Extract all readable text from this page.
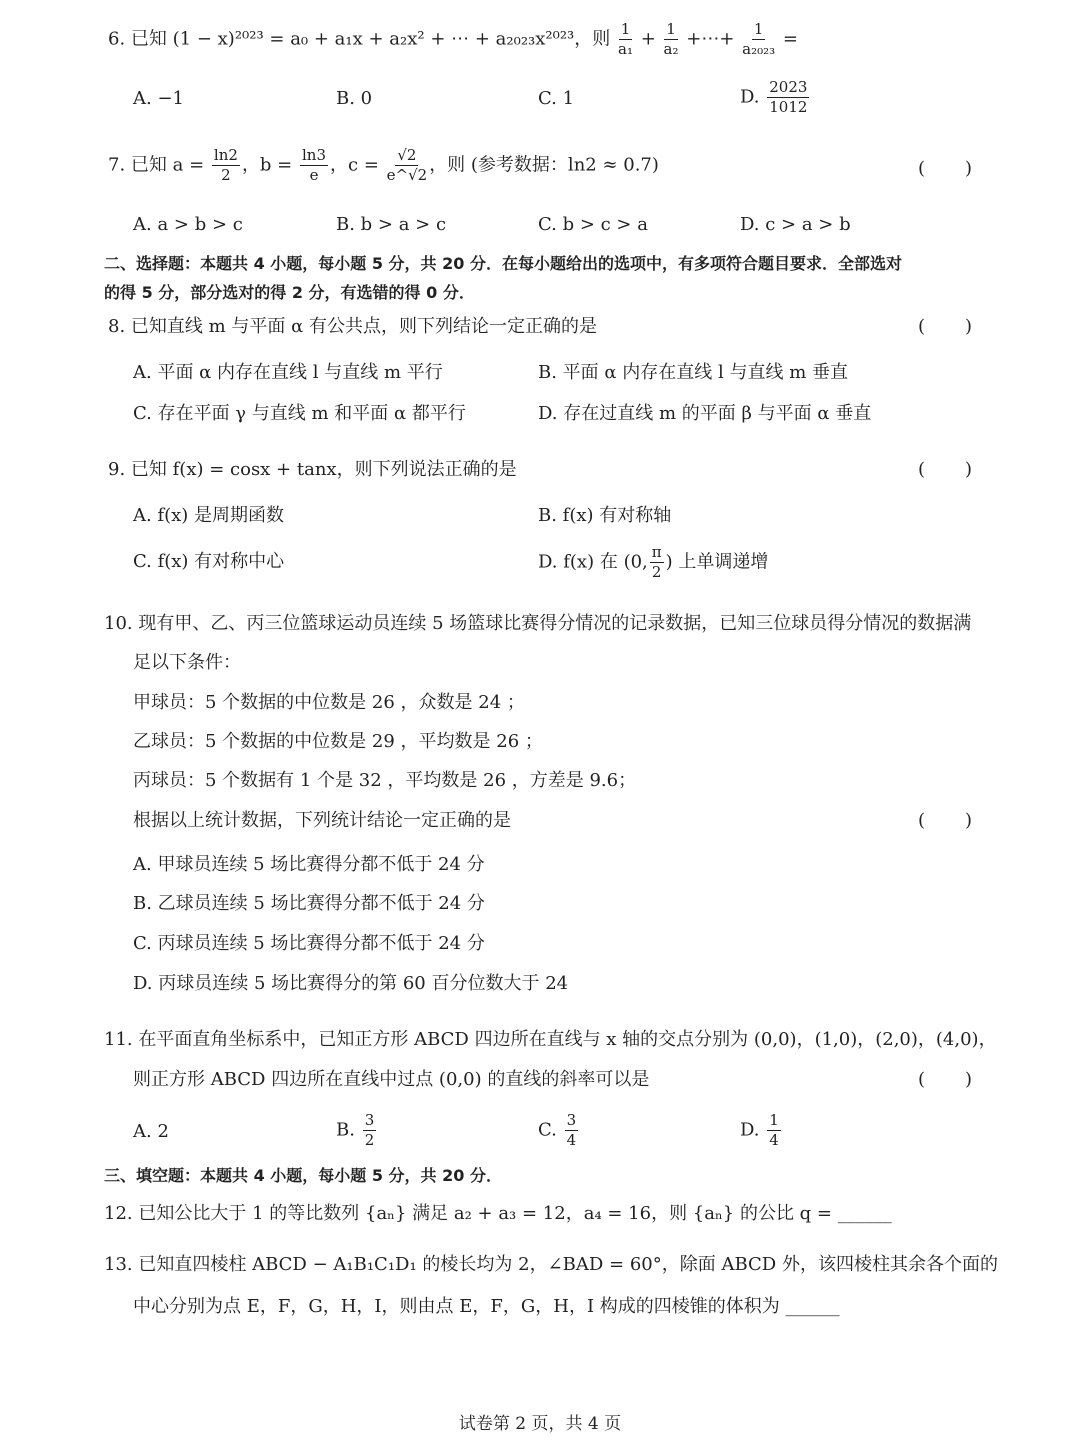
6. 已知 (1 − x)²⁰²³ = a₀ + a₁x + a₂x² + ⋯ + a₂₀₂₃x²⁰²³，则 $\frac{1}{\text{a₁}} + \frac{1}{\text{a₂}}$ +⋯+ $\frac{1}{\text{a₂₀₂₃}}$ =
A. −1	B. 0	C. 1	D. $\frac{2023}{1012}$
7. 已知 $a = \frac{\ln 2}{2}$ ，$b = \frac{\ln 3}{e}$ ，$c = \frac{√2}{e\^{}√2}$ ，则 (参考数据：ln2 ≈ 0.7)	( )
A. a > b > c	B. b > a > c	C. b > c > a	D. c > a > b
二、选择题：本题共 4 小题，每小题 5 分，共 20 分．在每小题给出的选项中，有多项符合题目要求．全部选对
的得 5 分，部分选对的得 2 分，有选错的得 0 分．
8. 已知直线 m 与平面 α 有公共点，则下列结论一定正确的是	( )
A. 平面 α 内存在直线 l 与直线 m 平行	B. 平面 α 内存在直线 l 与直线 m 垂直
C. 存在平面 γ 与直线 m 和平面 α 都平行	D. 存在过直线 m 的平面 β 与平面 α 垂直
9. 已知 f(x) = cosx + tanx，则下列说法正确的是	( )
A. f(x) 是周期函数	B. f(x) 有对称轴
C. f(x) 有对称中心	D. f(x) 在 (0, $\frac{\pi}{2}$ ) 上单调递增
10. 现有甲、乙、丙三位篮球运动员连续 5 场篮球比赛得分情况的记录数据，已知三位球员得分情况的数据满
足以下条件：
甲球员：5 个数据的中位数是 26 ，众数是 24 ；
乙球员：5 个数据的中位数是 29 ，平均数是 26 ；
丙球员：5 个数据有 1 个是 32 ，平均数是 26 ，方差是 9.6；
根据以上统计数据，下列统计结论一定正确的是	( )
A. 甲球员连续 5 场比赛得分都不低于 24 分
B. 乙球员连续 5 场比赛得分都不低于 24 分
C. 丙球员连续 5 场比赛得分都不低于 24 分
D. 丙球员连续 5 场比赛得分的第 60 百分位数大于 24
11. 在平面直角坐标系中，已知正方形 ABCD 四边所在直线与 x 轴的交点分别为 (0,0)，(1,0)，(2,0)，(4,0)，
则正方形 ABCD 四边所在直线中过点 (0,0) 的直线的斜率可以是	( )
A. 2	B. $\frac{3}{2}$	C. $\frac{3}{4}$	D. $\frac{1}{4}$
三、填空题：本题共 4 小题，每小题 5 分，共 20 分．
12. 已知公比大于 1 的等比数列 {aₙ} 满足 a₂ + a₃ = 12，a₄ = 16，则 {aₙ} 的公比 q = ______
13. 已知直四棱柱 ABCD − A₁B₁C₁D₁ 的棱长均为 2，∠BAD = 60°，除面 ABCD 外，该四棱柱其余各个面的
中心分别为点 E，F，G，H，I，则由点 E，F，G，H，I 构成的四棱锥的体积为 ______
试卷第 2 页，共 4 页
